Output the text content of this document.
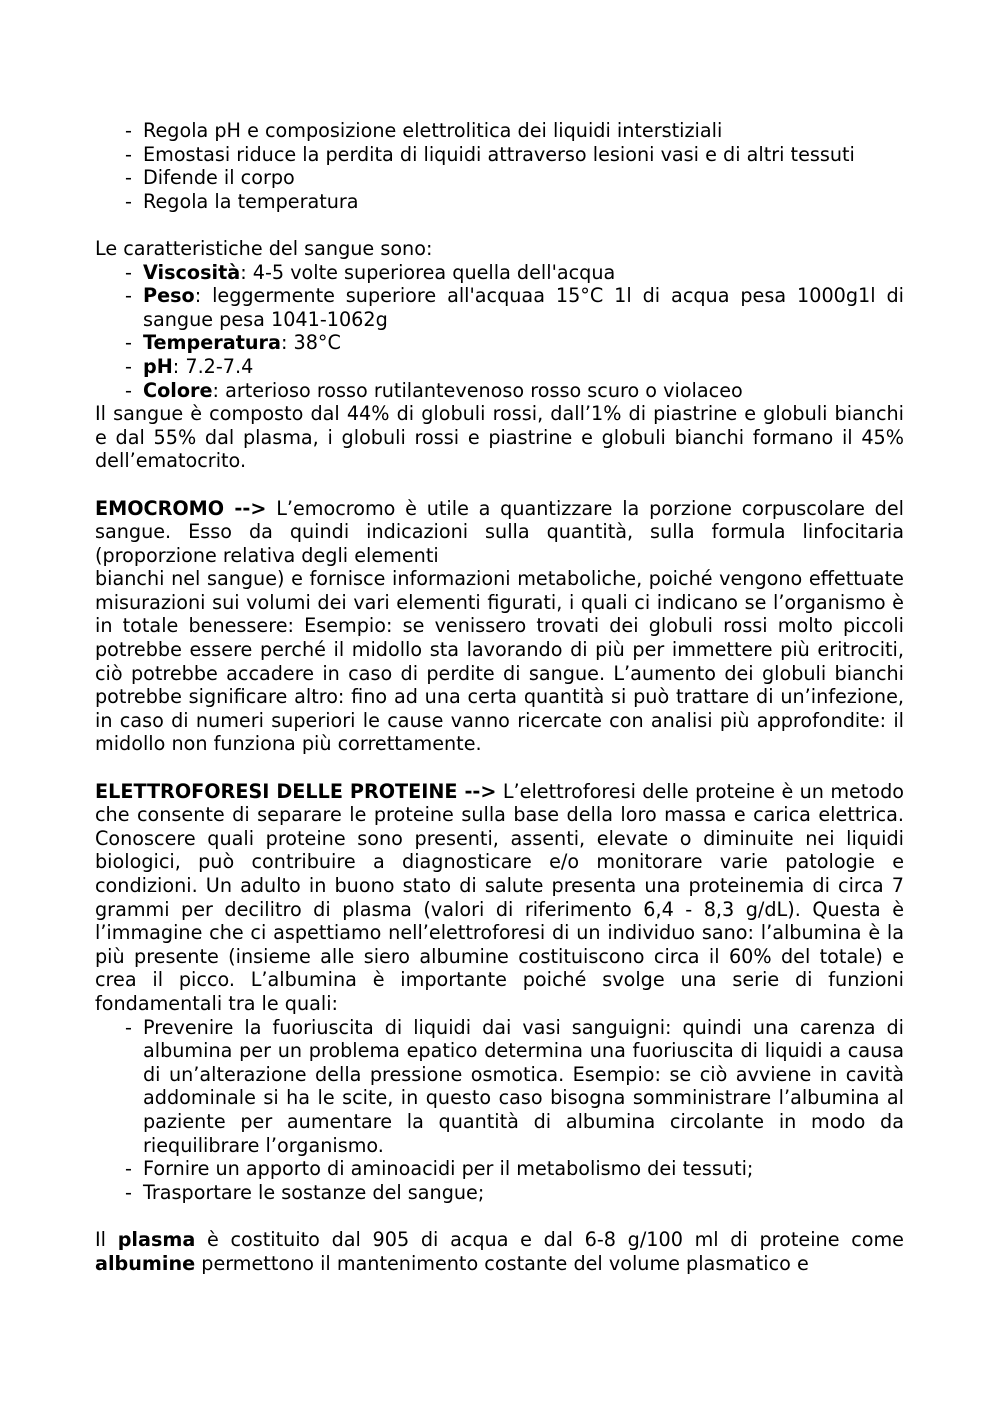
- Regola pH e composizione elettrolitica dei liquidi interstiziali
- Emostasi riduce la perdita di liquidi attraverso lesioni vasi e di altri tessuti
- Difende il corpo
- Regola la temperatura

Le caratteristiche del sangue sono:

- Viscosità: 4-5 volte superiorea quella dell'acqua
- Peso: leggermente superiore all'acquaa 15°C 1l di acqua pesa 1000g1l di sangue pesa 1041-1062g
- Temperatura: 38°C
- pH: 7.2-7.4
- Colore: arterioso rosso rutilantevenoso rosso scuro o violaceo

Il sangue è composto dal 44% di globuli rossi, dall’1% di piastrine e globuli bianchi e dal 55% dal plasma, i globuli rossi e piastrine e globuli bianchi formano il 45% dell’ematocrito.

EMOCROMO --> L’emocromo è utile a quantizzare la porzione corpuscolare del sangue. Esso da quindi indicazioni sulla quantità, sulla formula linfocitaria (proporzione relativa degli elementi

bianchi nel sangue) e fornisce informazioni metaboliche, poiché vengono effettuate misurazioni sui volumi dei vari elementi figurati, i quali ci indicano se l’organismo è in totale benessere: Esempio: se venissero trovati dei globuli rossi molto piccoli potrebbe essere perché il midollo sta lavorando di più per immettere più eritrociti, ciò potrebbe accadere in caso di perdite di sangue. L’aumento dei globuli bianchi potrebbe significare altro: fino ad una certa quantità si può trattare di un’infezione, in caso di numeri superiori le cause vanno ricercate con analisi più approfondite: il midollo non funziona più correttamente.

ELETTROFORESI DELLE PROTEINE --> L’elettroforesi delle proteine è un metodo che consente di separare le proteine sulla base della loro massa e carica elettrica. Conoscere quali proteine sono presenti, assenti, elevate o diminuite nei liquidi biologici, può contribuire a diagnosticare e/o monitorare varie patologie e condizioni. Un adulto in buono stato di salute presenta una proteinemia di circa 7 grammi per decilitro di plasma (valori di riferimento 6,4 - 8,3 g/dL). Questa è l’immagine che ci aspettiamo nell’elettroforesi di un individuo sano: l’albumina è la più presente (insieme alle siero albumine costituiscono circa il 60% del totale) e crea il picco. L’albumina è importante poiché svolge una serie di funzioni fondamentali tra le quali:

- Prevenire la fuoriuscita di liquidi dai vasi sanguigni: quindi una carenza di albumina per un problema epatico determina una fuoriuscita di liquidi a causa di un’alterazione della pressione osmotica. Esempio: se ciò avviene in cavità addominale si ha le scite, in questo caso bisogna somministrare l’albumina al paziente per aumentare la quantità di albumina circolante in modo da riequilibrare l’organismo.
- Fornire un apporto di aminoacidi per il metabolismo dei tessuti;
- Trasportare le sostanze del sangue;

Il plasma è costituito dal 905 di acqua e dal 6-8 g/100 ml di proteine come albumine permettono il mantenimento costante del volume plasmatico e
